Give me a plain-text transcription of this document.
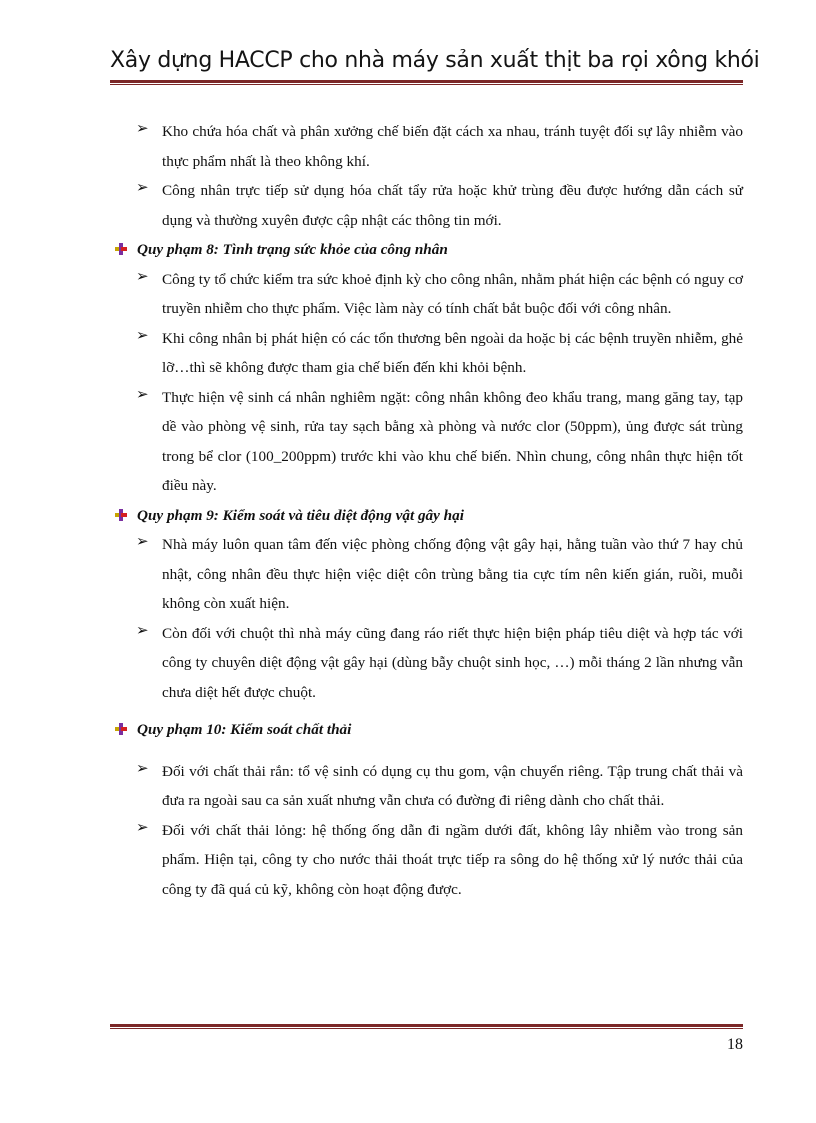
Xây dựng HACCP cho nhà máy sản xuất thịt ba rọi xông khói
➢ Kho chứa hóa chất và phân xưởng chế biến đặt cách xa nhau, tránh tuyệt đối sự lây nhiễm vào thực phẩm nhất là theo không khí.
➢ Công nhân trực tiếp sử dụng hóa chất tẩy rửa hoặc khử trùng đều được hướng dẫn cách sử dụng và thường xuyên được cập nhật các thông tin mới.
Quy phạm 8: Tình trạng sức khỏe của công nhân
➢ Công ty tổ chức kiểm tra sức khoẻ định kỳ cho công nhân, nhằm phát hiện các bệnh có nguy cơ truyền nhiễm cho thực phẩm. Việc làm này có tính chất bắt buộc đối với công nhân.
➢ Khi công nhân bị phát hiện có các tổn thương bên ngoài da hoặc bị các bệnh truyền nhiễm, ghẻ lỡ…thì sẽ không được tham gia chế biến đến khi khỏi bệnh.
➢ Thực hiện vệ sinh cá nhân nghiêm ngặt: công nhân không đeo khẩu trang, mang găng tay, tạp dề vào phòng vệ sinh, rửa tay sạch bằng xà phòng và nước clor (50ppm), ủng được sát trùng trong bể clor (100_200ppm) trước khi vào khu chế biến. Nhìn chung, công nhân thực hiện tốt điều này.
Quy phạm 9: Kiểm soát và tiêu diệt động vật gây hại
➢ Nhà máy luôn quan tâm đến việc phòng chống động vật gây hại, hằng tuần vào thứ 7 hay chủ nhật, công nhân đều thực hiện việc diệt côn trùng bằng tia cực tím nên kiến gián, ruồi, muỗi không còn xuất hiện.
➢ Còn đối với chuột thì nhà máy cũng đang ráo riết thực hiện biện pháp tiêu diệt và hợp tác với công ty chuyên diệt động vật gây hại (dùng bẫy chuột sinh học, …) mỗi tháng 2 lần nhưng vẫn chưa diệt hết được chuột.
Quy phạm 10: Kiểm soát chất thải
➢ Đối với chất thải rắn: tổ vệ sinh có dụng cụ thu gom, vận chuyển riêng. Tập trung chất thải và đưa ra ngoài sau ca sản xuất nhưng vẫn chưa có đường đi riêng dành cho chất thải.
➢ Đối với chất thải lỏng: hệ thống ống dẫn đi ngầm dưới đất, không lây nhiễm vào trong sản phẩm. Hiện tại, công ty cho nước thải thoát trực tiếp ra sông do hệ thống xử lý nước thải của công ty đã quá củ kỹ, không còn hoạt động được.
18
